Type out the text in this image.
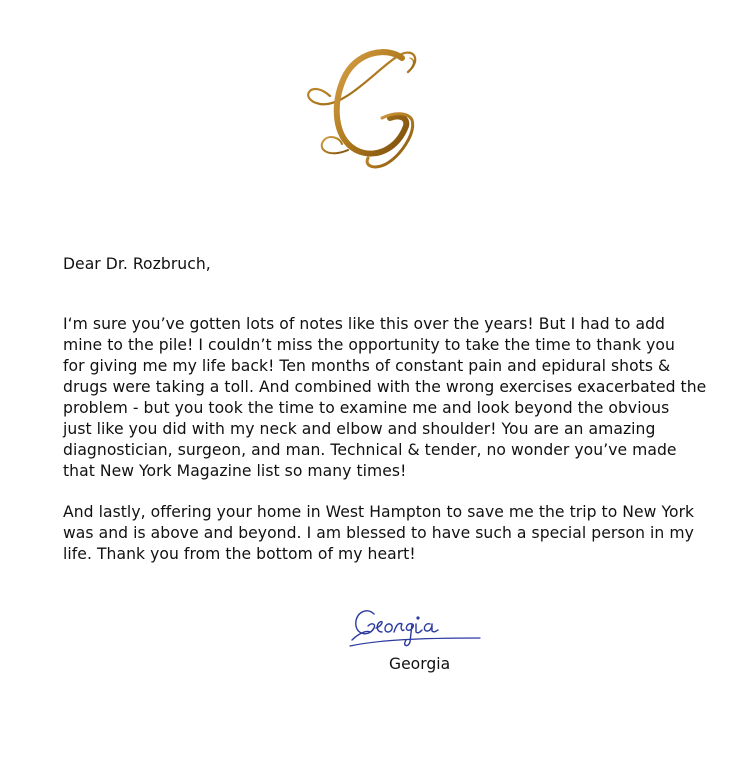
Dear Dr. Rozbruch,
I‘m sure you’ve gotten lots of notes like this over the years! But I had to add
mine to the pile! I couldn’t miss the opportunity to take the time to thank you
for giving me my life back! Ten months of constant pain and epidural shots &
drugs were taking a toll. And combined with the wrong exercises exacerbated the
problem - but you took the time to examine me and look beyond the obvious
just like you did with my neck and elbow and shoulder! You are an amazing
diagnostician, surgeon, and man. Technical & tender, no wonder you’ve made
that New York Magazine list so many times!
And lastly, offering your home in West Hampton to save me the trip to New York
was and is above and beyond. I am blessed to have such a special person in my
life. Thank you from the bottom of my heart!
Georgia
